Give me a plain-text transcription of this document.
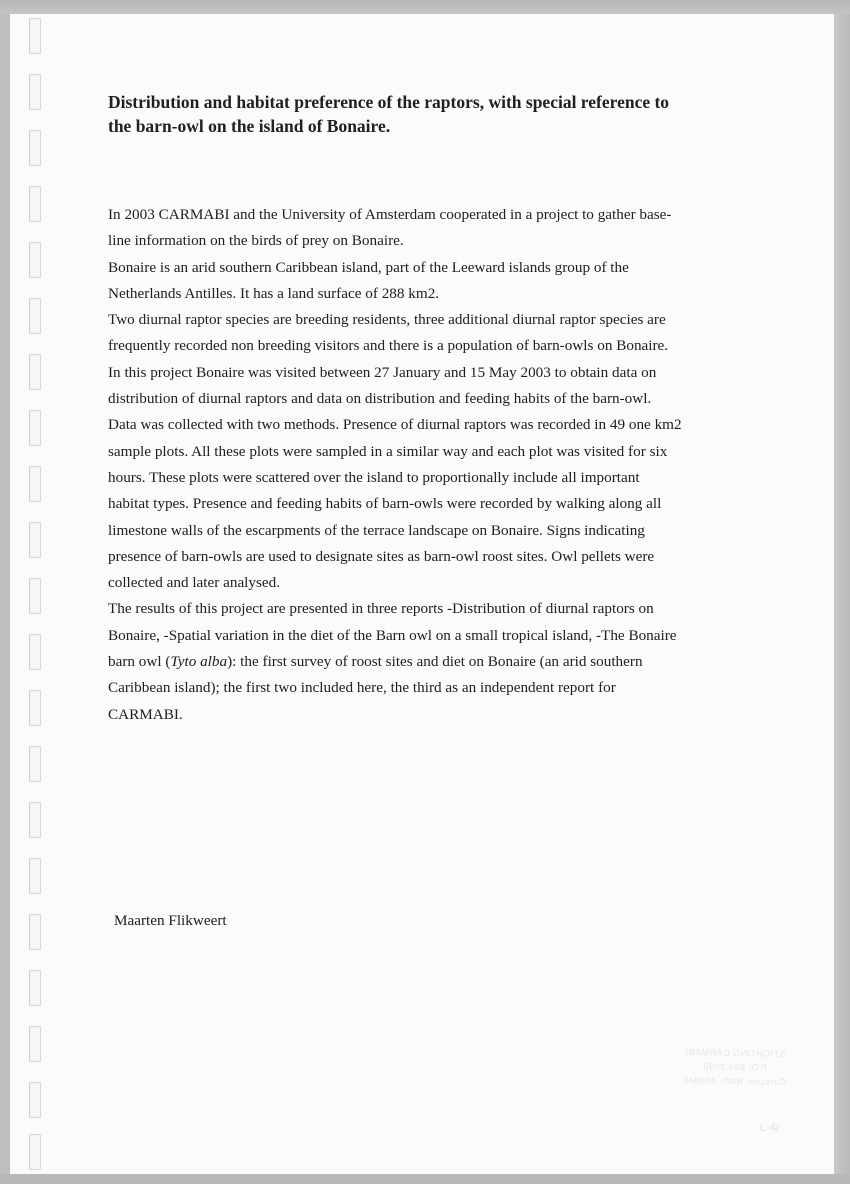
Distribution and habitat preference of the raptors, with special reference to
the barn-owl on the island of Bonaire.

In 2003 CARMABI and the University of Amsterdam cooperated in a project to gather base-
line information on the birds of prey on Bonaire.

Bonaire is an arid southern Caribbean island, part of the Leeward islands group of the
Netherlands Antilles. It has a land surface of 288 km2.

Two diurnal raptor species are breeding residents, three additional diurnal raptor species are
frequently recorded non breeding visitors and there is a population of barn-owls on Bonaire.

In this project Bonaire was visited between 27 January and 15 May 2003 to obtain data on
distribution of diurnal raptors and data on distribution and feeding habits of the barn-owl.

Data was collected with two methods. Presence of diurnal raptors was recorded in 49 one km2
sample plots. All these plots were sampled in a similar way and each plot was visited for six
hours. These plots were scattered over the island to proportionally include all important
habitat types. Presence and feeding habits of barn-owls were recorded by walking along all
limestone walls of the escarpments of the terrace landscape on Bonaire. Signs indicating
presence of barn-owls are used to designate sites as barn-owl roost sites. Owl pellets were
collected and later analysed.

The results of this project are presented in three reports -Distribution of diurnal raptors on
Bonaire, -Spatial variation in the diet of the Barn owl on a small tropical island, -The Bonaire
barn owl (Tyto alba): the first survey of roost sites and diet on Bonaire (an arid southern
Caribbean island); the first two included here, the third as an independent report for
CARMABI.

Maarten Flikweert
STICHTING CARMABI
P.O. Box 2090
Curaçao, Neth. Antilles
L-4/
